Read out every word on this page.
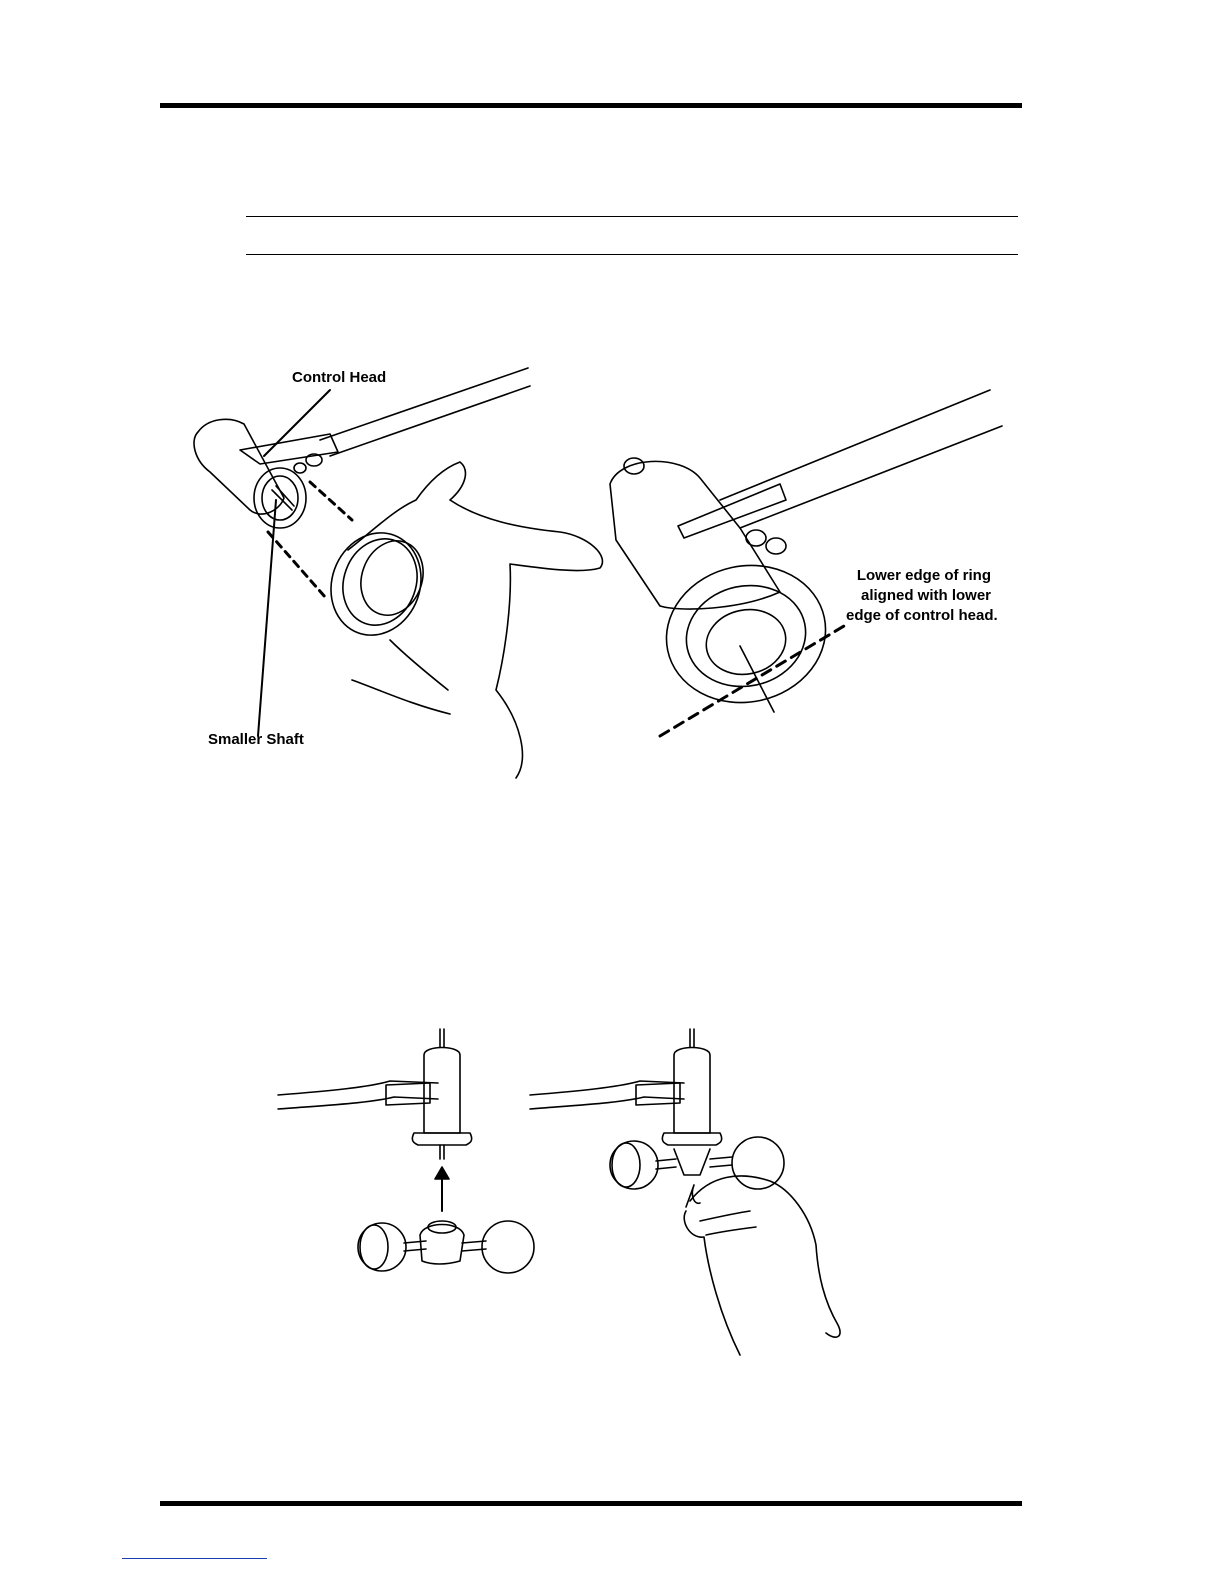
Control Head
Smaller Shaft
Lower edge of ring
aligned with lower
edge of control head.
